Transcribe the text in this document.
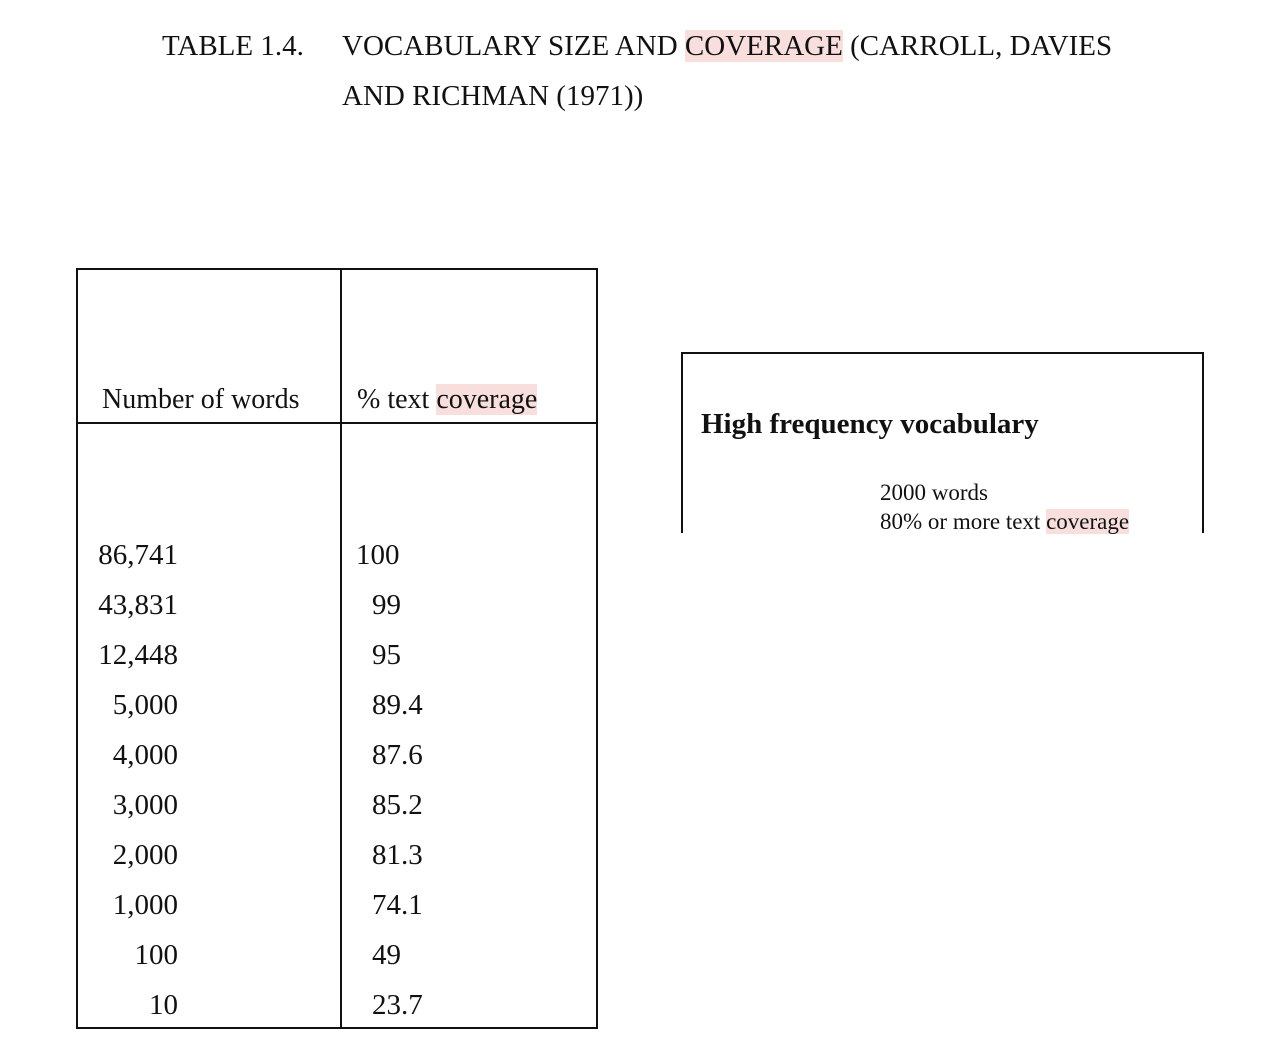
TABLE 1.4. VOCABULARY SIZE AND COVERAGE (CARROLL, DAVIES
AND RICHMAN (1971))
Number of words % text coverage
86,741	100
43,831	99
12,448	95
5,000	89.4
4,000	87.6
3,000	85.2
2,000	81.3
1,000	74.1
100	49
10	23.7
High frequency vocabulary
2000 words
80% or more text coverage
